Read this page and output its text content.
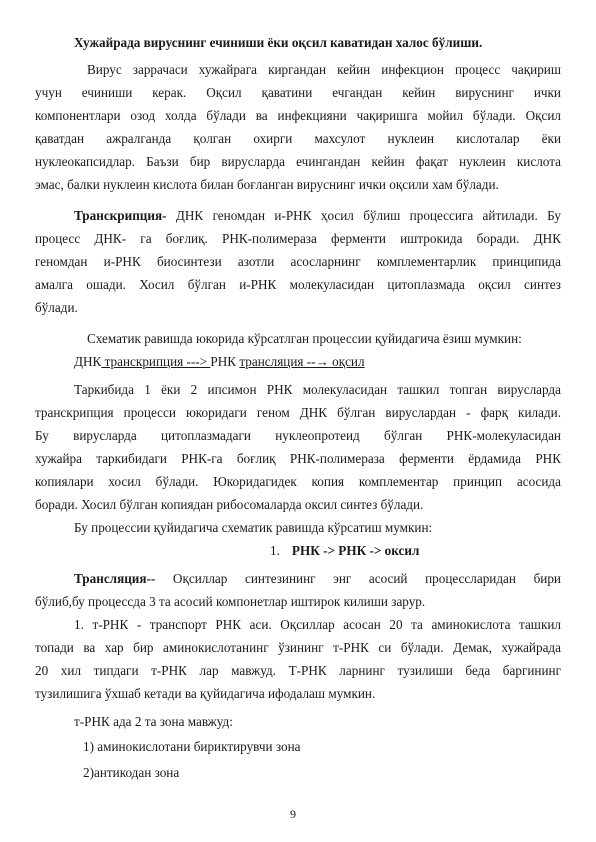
Хужайрада вируснинг ечиниши ёки оқсил каватидан халос бўлиши.
Вирус заррачаси хужайрага киргандан кейин инфекцион процесс чақириш
учун ечиниши керак. Оқсил қаватини ечгандан кейин вируснинг ички
компонентлари озод холда бўлади ва инфекцияни чақиришга мойил бўлади. Оқсил
қаватдан ажралганда қолган охирги махсулот нуклеин кислоталар ёки
нуклеокапсидлар. Баъзи бир вирусларда ечингандан кейин фақат нуклеин кислота
эмас, балки нуклеин кислота билан боғланган вируснинг ички оқсили хам бўлади.
Транскрипция- ДНК геномдан и-РНК ҳосил бўлиш процессига айтилади. Бу
процесс ДНК- га боғлиқ. РНК-полимераза ферменти иштрокида боради. ДНК
геномдан и-РНК биосинтези азотли асосларнинг комплементарлик принципида
амалга ошади. Хосил бўлган и-РНК молекуласидан цитоплазмада оқсил синтез
бўлади.
Схематик равишда юкорида кўрсатлган процессии қуйидагича ёзиш мумкин:
ДНК транскрипция ---> РНК трансляция --→ оқсил
Таркибида 1 ёки 2 ипсимон РНК молекуласидан ташкил топган вирусларда
транскрипция процесси юкоридаги геном ДНК бўлган вируслардан - фарқ килади.
Бу вирусларда цитоплазмадаги нуклеопротеид бўлган РНК-молекуласидан
хужайра таркибидаги РНК-га боғлиқ РНК-полимераза ферменти ёрдамида РНК
копиялари хосил бўлади. Юкоридагидек копия комплементар принцип асосида
боради. Хосил бўлган копиядан рибосомаларда оксил синтез бўлади.
Бу процессии қуйидагича схематик равишда кўрсатиш мумкин:
1. РНК -> РНК -> оксил
Трансляция-- Оқсиллар синтезининг энг асосий процессларидан бири
бўлиб,бу процессда 3 та асосий компонетлар иштирок килиши зарур.
1. т-РНК - транспорт РНК аси. Оқсиллар асосан 20 та аминокислота ташкил
топади ва хар бир аминокислотанинг ўзининг т-РНК си бўлади. Демак, хужайрада
20 хил типдаги т-РНК лар мавжуд. Т-РНК ларнинг тузилиши беда баргининг
тузилишига ўхшаб кетади ва қуйидагича ифодалаш мумкин.
т-РНК ада 2 та зона мавжуд:
1) аминокислотани бириктирувчи зона
2)антикодан зона
9
